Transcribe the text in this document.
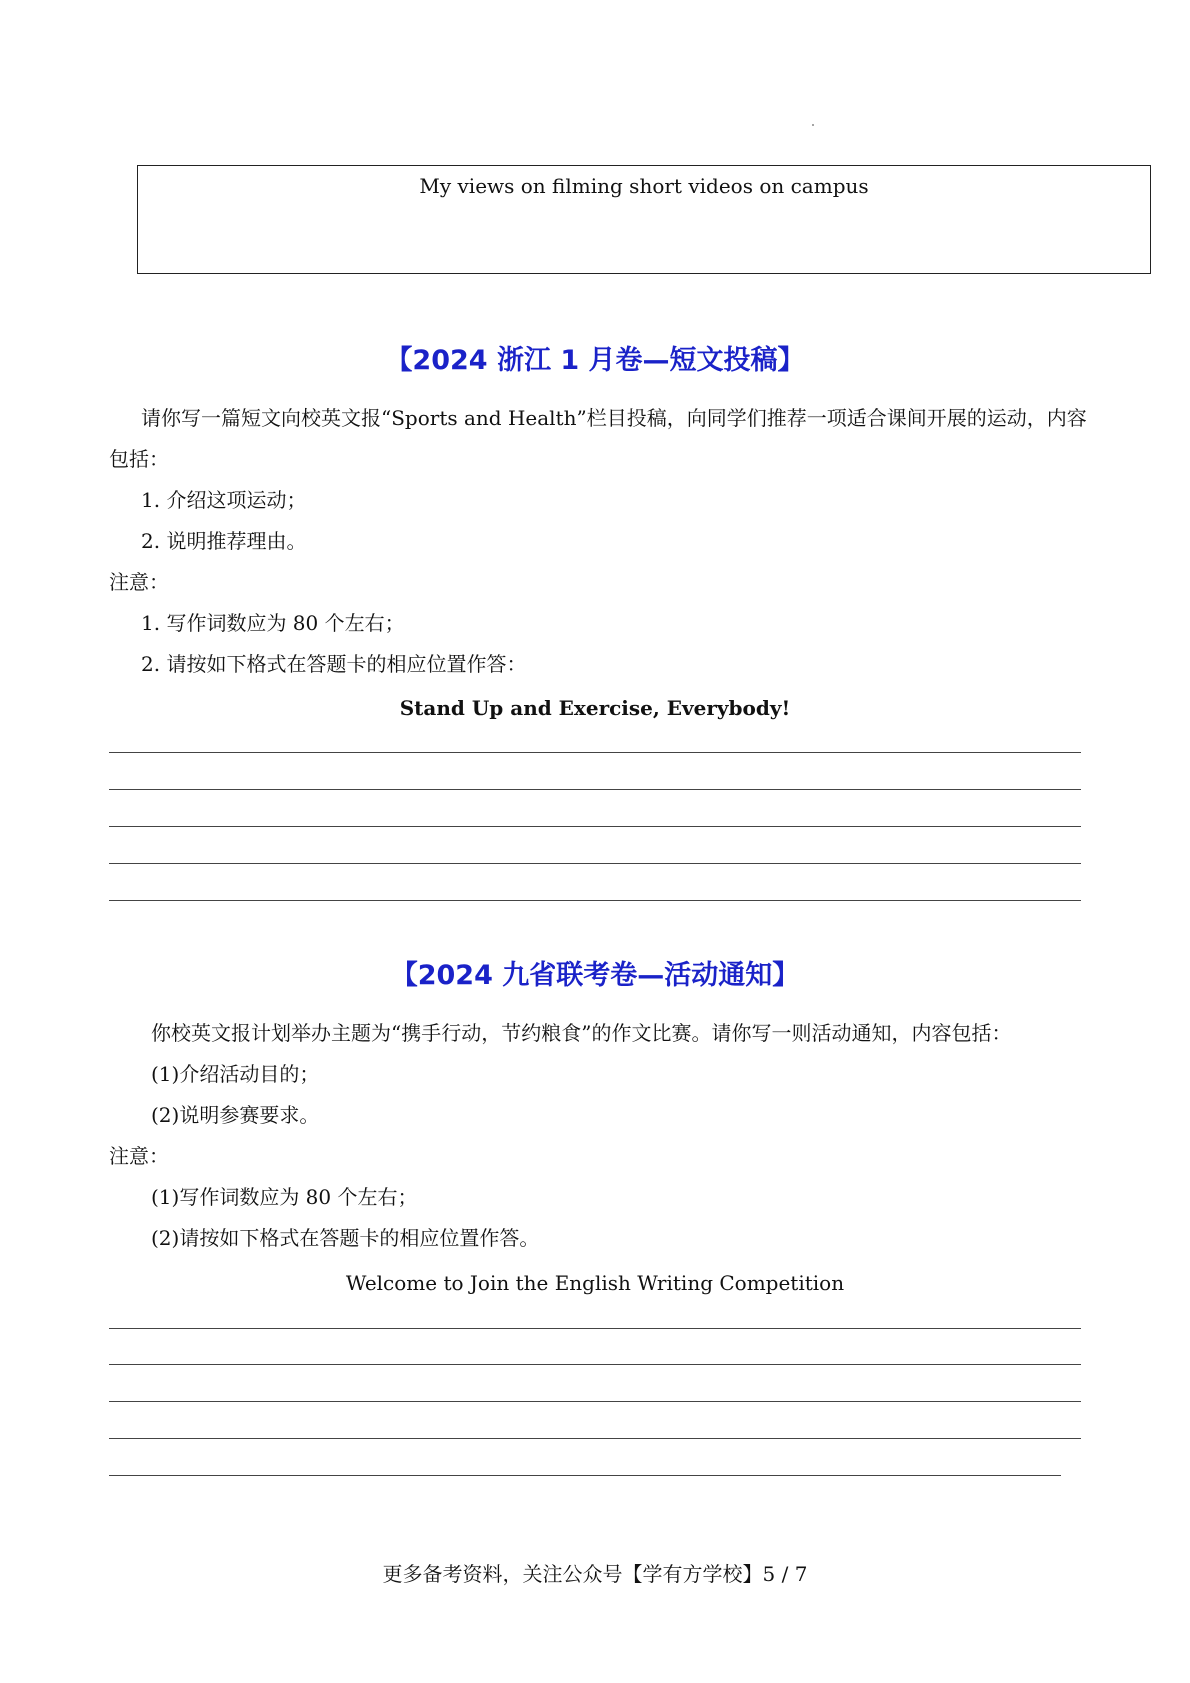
My views on filming short videos on campus
【2024 浙江 1 月卷—短文投稿】
请你写一篇短文向校英文报“Sports and Health”栏目投稿，向同学们推荐一项适合课间开展的运动，内容
包括：
1. 介绍这项运动；
2. 说明推荐理由。
注意：
1. 写作词数应为 80 个左右；
2. 请按如下格式在答题卡的相应位置作答：
Stand Up and Exercise, Everybody!
【2024 九省联考卷—活动通知】
你校英文报计划举办主题为“携手行动，节约粮食”的作文比赛。请你写一则活动通知，内容包括：
(1)介绍活动目的；
(2)说明参赛要求。
注意：
(1)写作词数应为 80 个左右；
(2)请按如下格式在答题卡的相应位置作答。
Welcome to Join the English Writing Competition
更多备考资料，关注公众号【学有方学校】5 / 7
